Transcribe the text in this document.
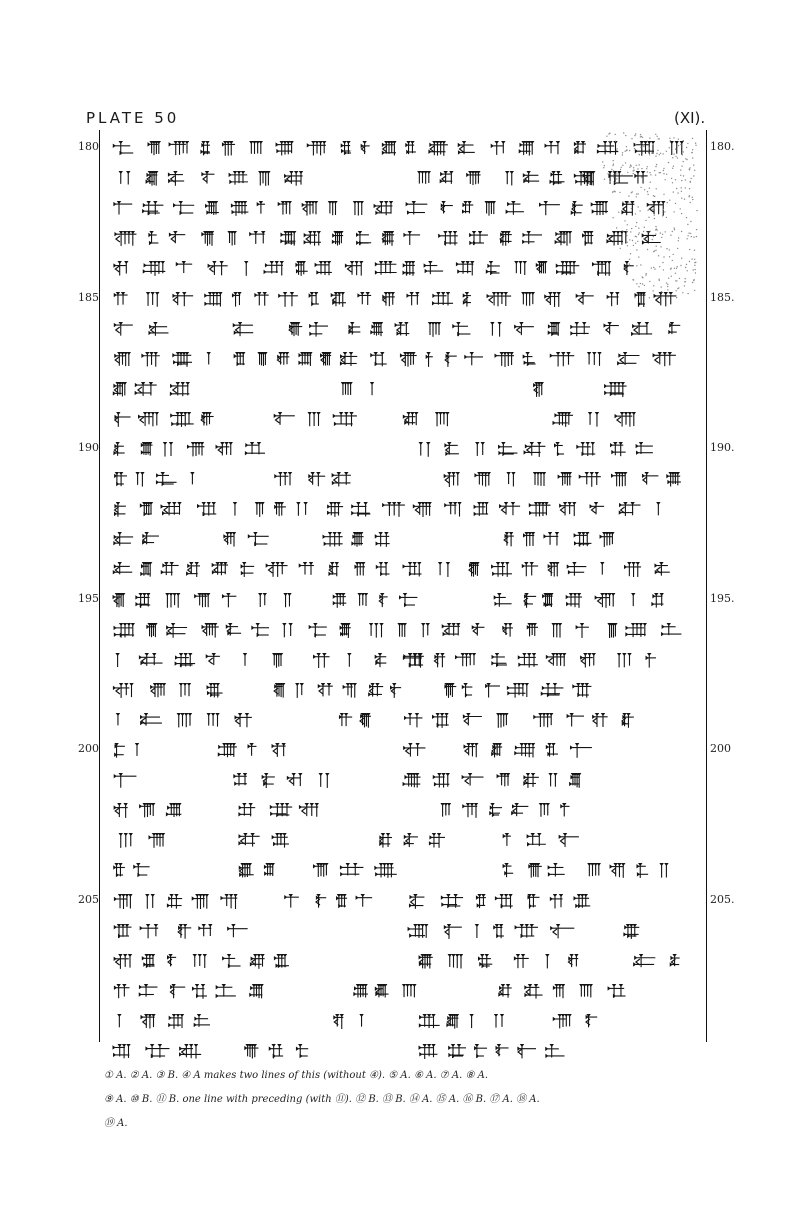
PLATE 50	(XI).
180
185
190
195
200
205
180.
185.
190.
195.
200
205.
① A. ② A. ③ B. ④ A makes two lines of this (without ④). ⑤ A. ⑥ A. ⑦ A. ⑧ A.
⑨ A. ⑩ B. ⑪ B. one line with preceding (with ⑪). ⑫ B. ⑬ B. ⑭ A. ⑮ A. ⑯ B. ⑰ A. ⑱ A.
⑲ A.
